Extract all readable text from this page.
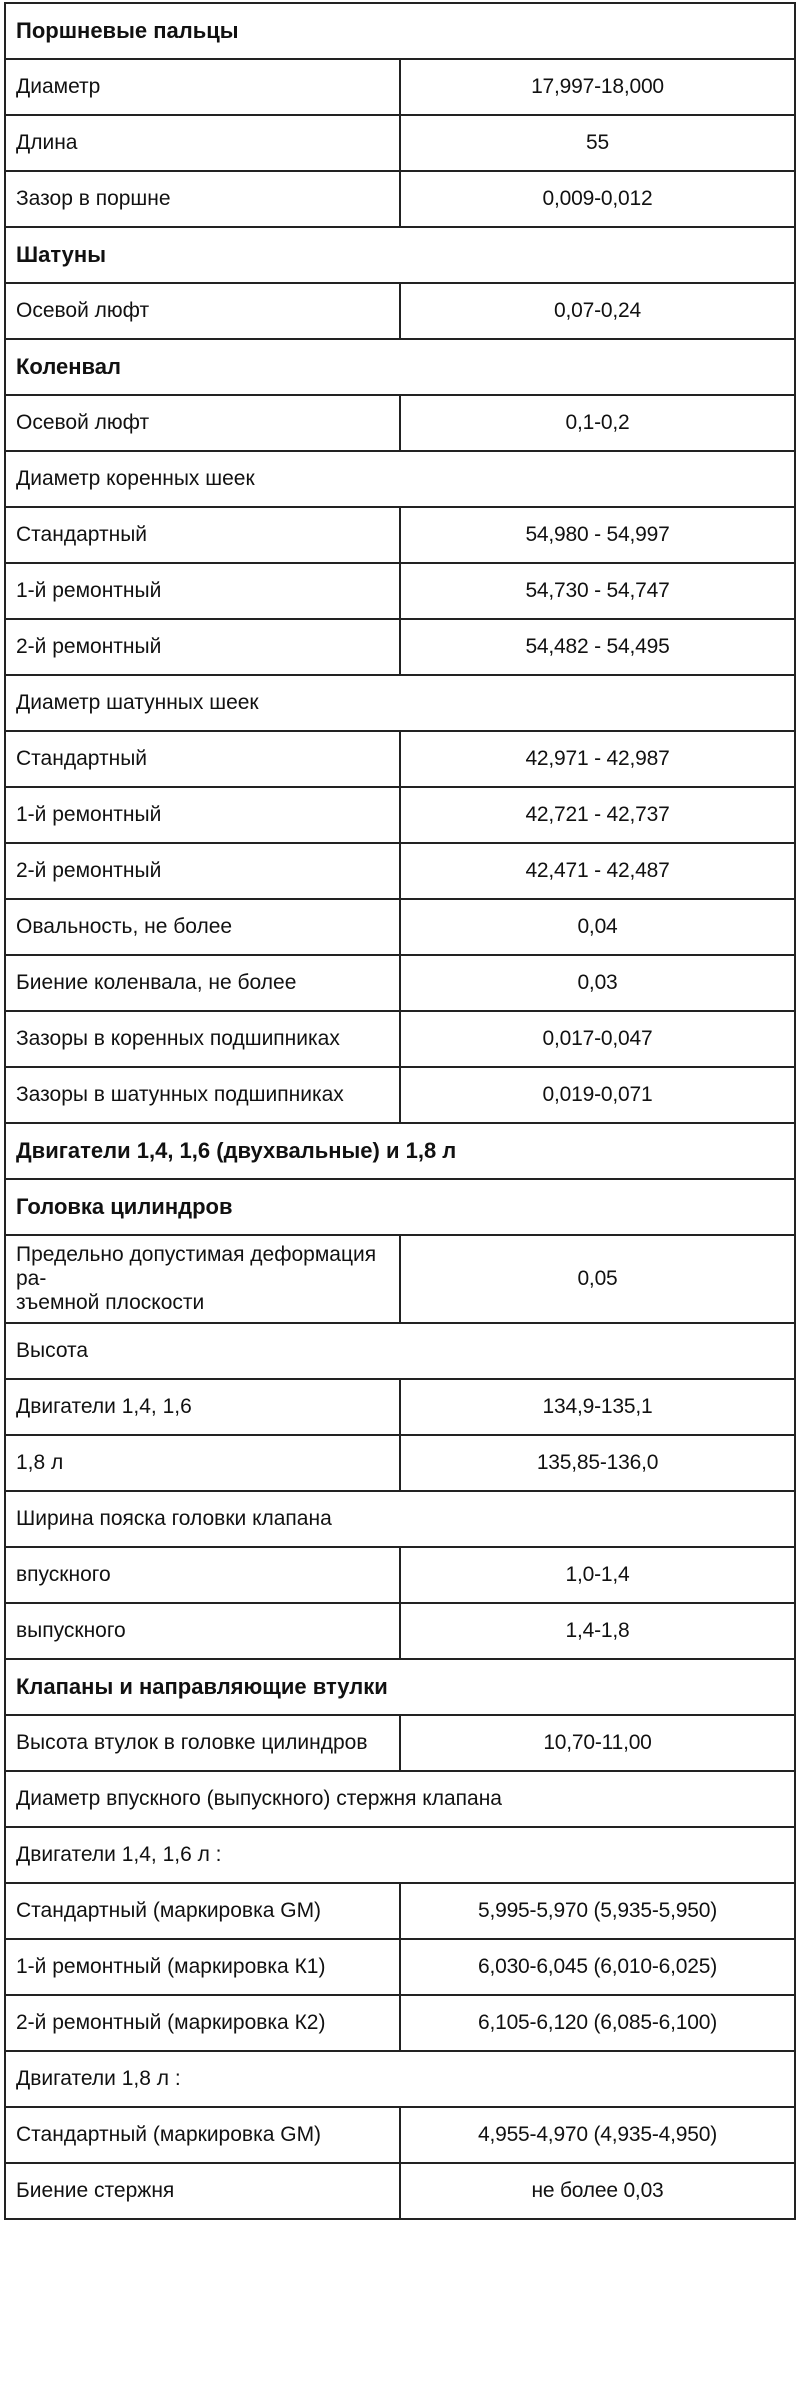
Поршневые пальцы	
Диаметр	17,997-18,000
Длина	55
Зазор в поршне	0,009-0,012
Шатуны	
Осевой люфт	0,07-0,24
Коленвал	
Осевой люфт	0,1-0,2
Диаметр коренных шеек	
Стандартный	54,980 - 54,997
1-й ремонтный	54,730 - 54,747
2-й ремонтный	54,482 - 54,495
Диаметр шатунных шеек	
Стандартный	42,971 - 42,987
1-й ремонтный	42,721 - 42,737
2-й ремонтный	42,471 - 42,487
Овальность, не более	0,04
Биение коленвала, не более	0,03
Зазоры в коренных подшипниках	0,017-0,047
Зазоры в шатунных подшипниках	0,019-0,071
Двигатели 1,4, 1,6 (двухвальные) и 1,8 л	
Головка цилиндров	
Предельно допустимая деформация ра-
зъемной плоскости	0,05
Высота	
Двигатели 1,4, 1,6	134,9-135,1
1,8 л	135,85-136,0
Ширина пояска головки клапана	
впускного	1,0-1,4
выпускного	1,4-1,8
Клапаны и направляющие втулки	
Высота втулок в головке цилиндров	10,70-11,00
Диаметр впускного (выпускного) стержня клапана	
Двигатели 1,4, 1,6 л :	
Стандартный (маркировка GM)	5,995-5,970 (5,935-5,950)
1-й ремонтный (маркировка К1)	6,030-6,045 (6,010-6,025)
2-й ремонтный (маркировка К2)	6,105-6,120 (6,085-6,100)
Двигатели 1,8 л :	
Стандартный (маркировка GM)	4,955-4,970 (4,935-4,950)
Биение стержня	не более 0,03
